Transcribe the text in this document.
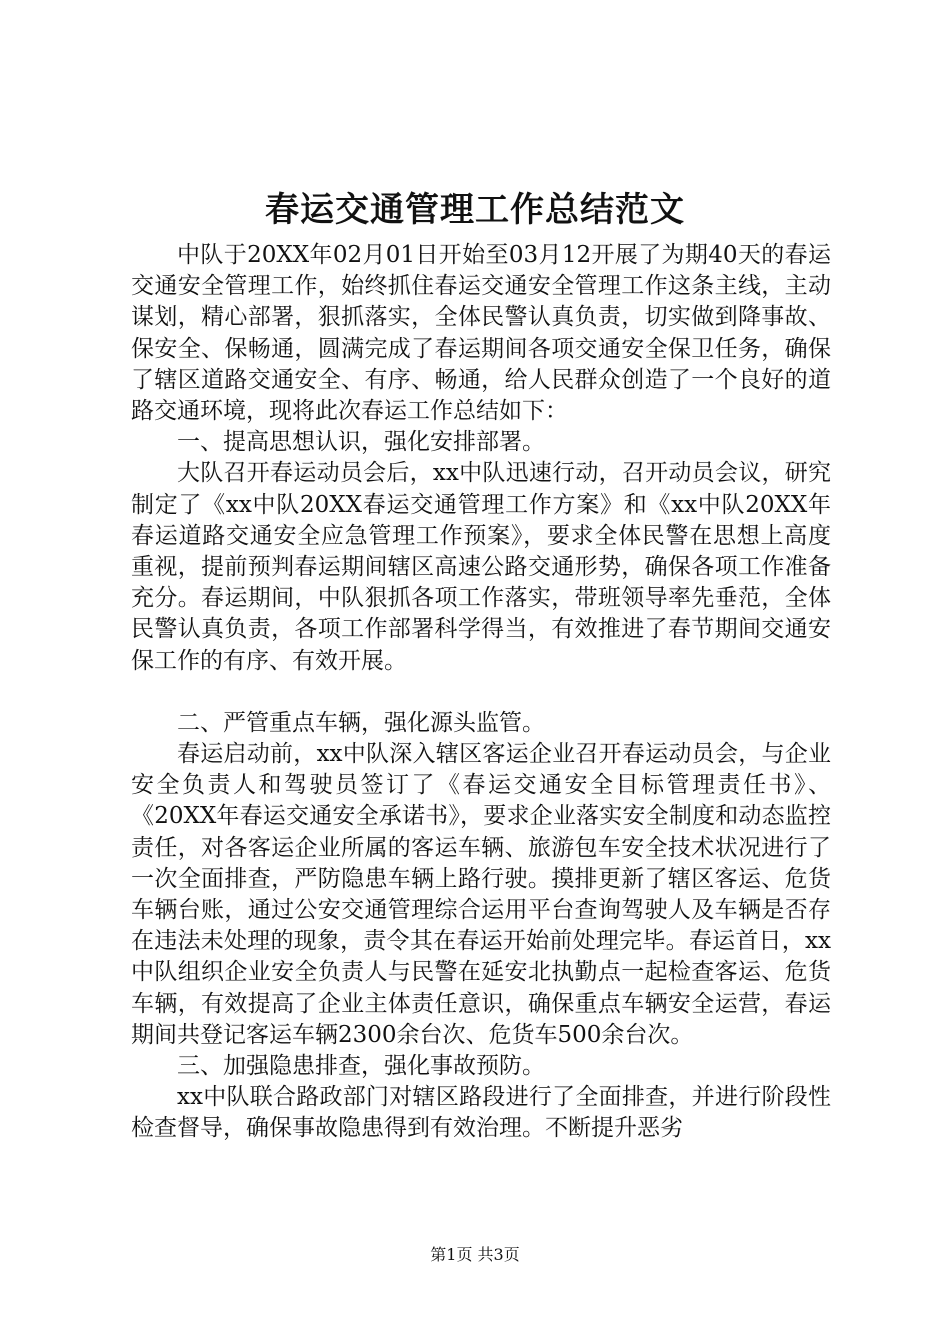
春运交通管理工作总结范文

中队于20XX年02月01日开始至03月12开展了为期40天的春运交通安全管理工作，始终抓住春运交通安全管理工作这条主线，主动谋划，精心部署，狠抓落实，全体民警认真负责，切实做到降事故、保安全、保畅通，圆满完成了春运期间各项交通安全保卫任务，确保了辖区道路交通安全、有序、畅通，给人民群众创造了一个良好的道路交通环境，现将此次春运工作总结如下：

一、提高思想认识，强化安排部署。

大队召开春运动员会后，xx中队迅速行动，召开动员会议，研究制定了《xx中队20XX春运交通管理工作方案》和《xx中队20XX年春运道路交通安全应急管理工作预案》，要求全体民警在思想上高度重视，提前预判春运期间辖区高速公路交通形势，确保各项工作准备充分。春运期间，中队狠抓各项工作落实，带班领导率先垂范，全体民警认真负责，各项工作部署科学得当，有效推进了春节期间交通安保工作的有序、有效开展。

二、严管重点车辆，强化源头监管。

春运启动前，xx中队深入辖区客运企业召开春运动员会，与企业安全负责人和驾驶员签订了《春运交通安全目标管理责任书》、《20XX年春运交通安全承诺书》，要求企业落实安全制度和动态监控责任，对各客运企业所属的客运车辆、旅游包车安全技术状况进行了一次全面排查，严防隐患车辆上路行驶。摸排更新了辖区客运、危货车辆台账，通过公安交通管理综合运用平台查询驾驶人及车辆是否存在违法未处理的现象，责令其在春运开始前处理完毕。春运首日，xx中队组织企业安全负责人与民警在延安北执勤点一起检查客运、危货车辆，有效提高了企业主体责任意识，确保重点车辆安全运营，春运期间共登记客运车辆2300余台次、危货车500余台次。

三、加强隐患排查，强化事故预防。

xx中队联合路政部门对辖区路段进行了全面排查，并进行阶段性检查督导，确保事故隐患得到有效治理。不断提升恶劣

第1页 共3页
